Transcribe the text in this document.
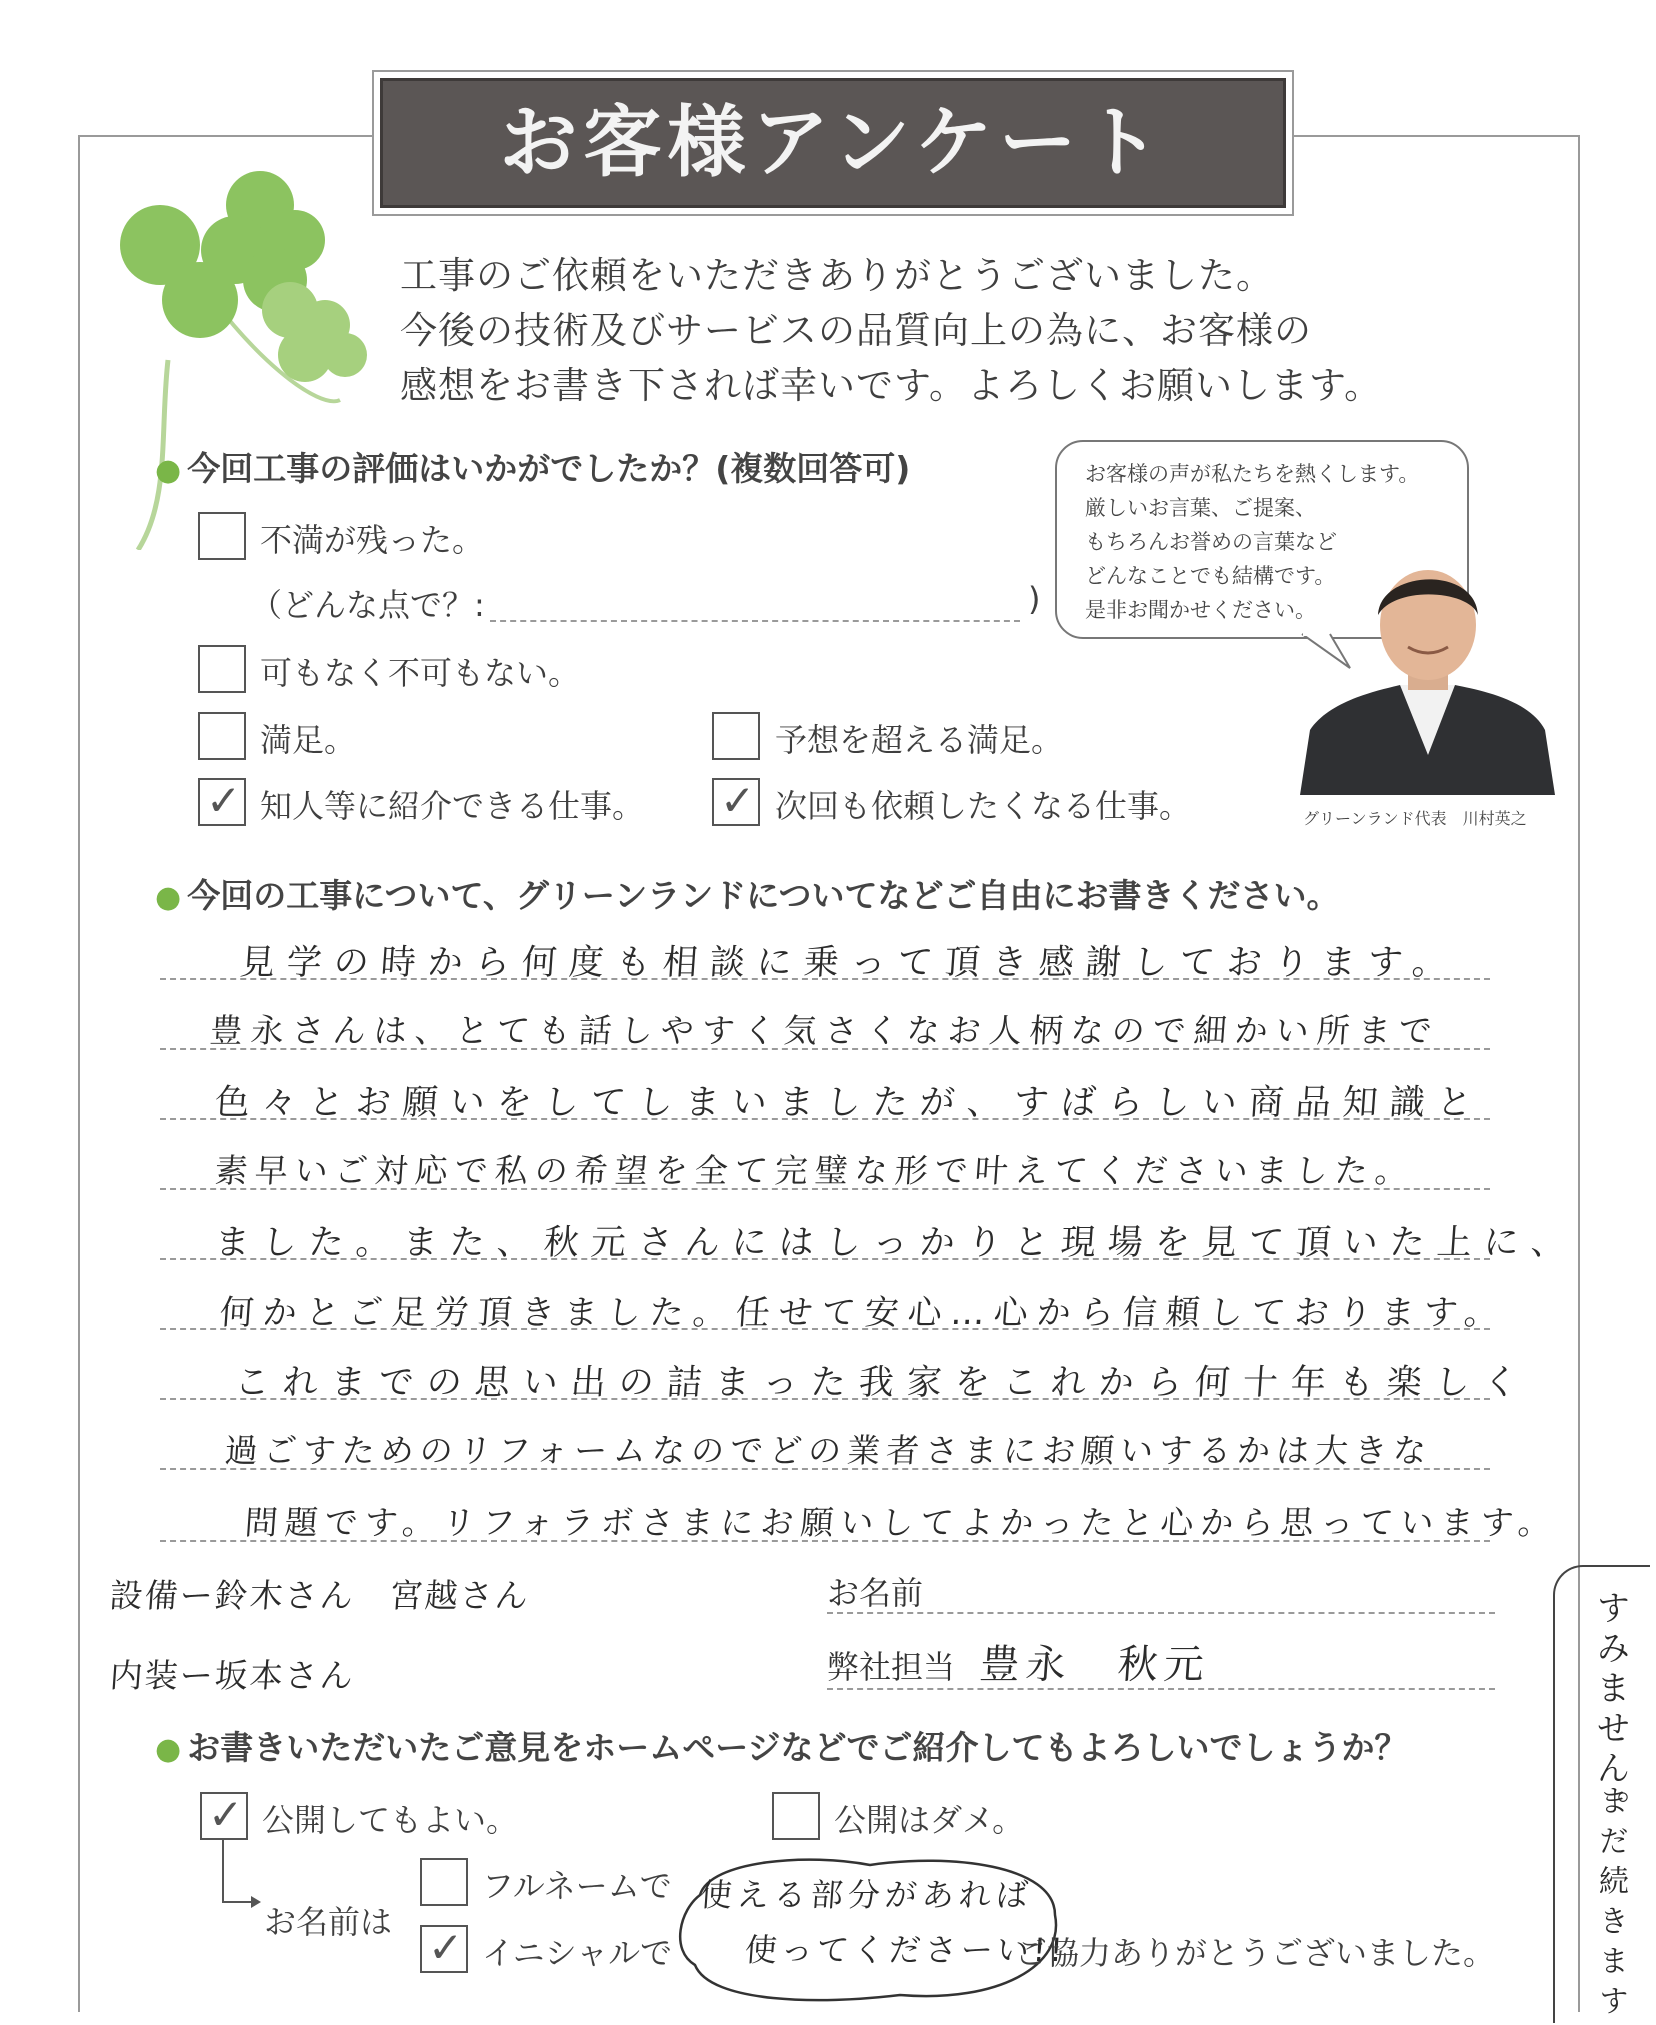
お客様アンケート
工事のご依頼をいただきありがとうございました。
今後の技術及びサービスの品質向上の為に、お客様の
感想をお書き下されば幸いです。よろしくお願いします。
● 今回工事の評価はいかがでしたか？(複数回答可)
不満が残った。
（どんな点で？:	)
可もなく不可もない。
満足。	予想を超える満足。
✓ 知人等に紹介できる仕事。 ✓ 次回も依頼したくなる仕事。
お客様の声が私たちを熱くします。
厳しいお言葉、ご提案、
もちろんお誉めの言葉など
どんなことでも結構です。
是非お聞かせください。
グリーンランド代表　川村英之
● 今回の工事について、グリーンランドについてなどご自由にお書きください。
見学の時から何度も相談に乗って頂き感謝しております。
豊永さんは、とても話しやすく気さくなお人柄なので細かい所まで
色々とお願いをしてしまいましたが、すばらしい商品知識と
素早いご対応で私の希望を全て完璧な形で叶えてくださいました。
ました。また、秋元さんにはしっかりと現場を見て頂いた上に、
何かとご足労頂きました。任せて安心…心から信頼しております。
これまでの思い出の詰まった我家をこれから何十年も楽しく
過ごすためのリフォームなのでどの業者さまにお願いするかは大きな
問題です。リフォラボさまにお願いしてよかったと心から思っています。
設備ー鈴木さん　宮越さん
内装ー坂本さん
お名前
弊社担当 豊永　秋元
● お書きいただいたご意見をホームページなどでご紹介してもよろしいでしょうか？
✓ 公開してもよい。	公開はダメ。
お名前は
フルネームで
✓ イニシャルで
使える部分があれば
使ってくださーい!!
ご協力ありがとうございました。
すみません。
まだ続きます
